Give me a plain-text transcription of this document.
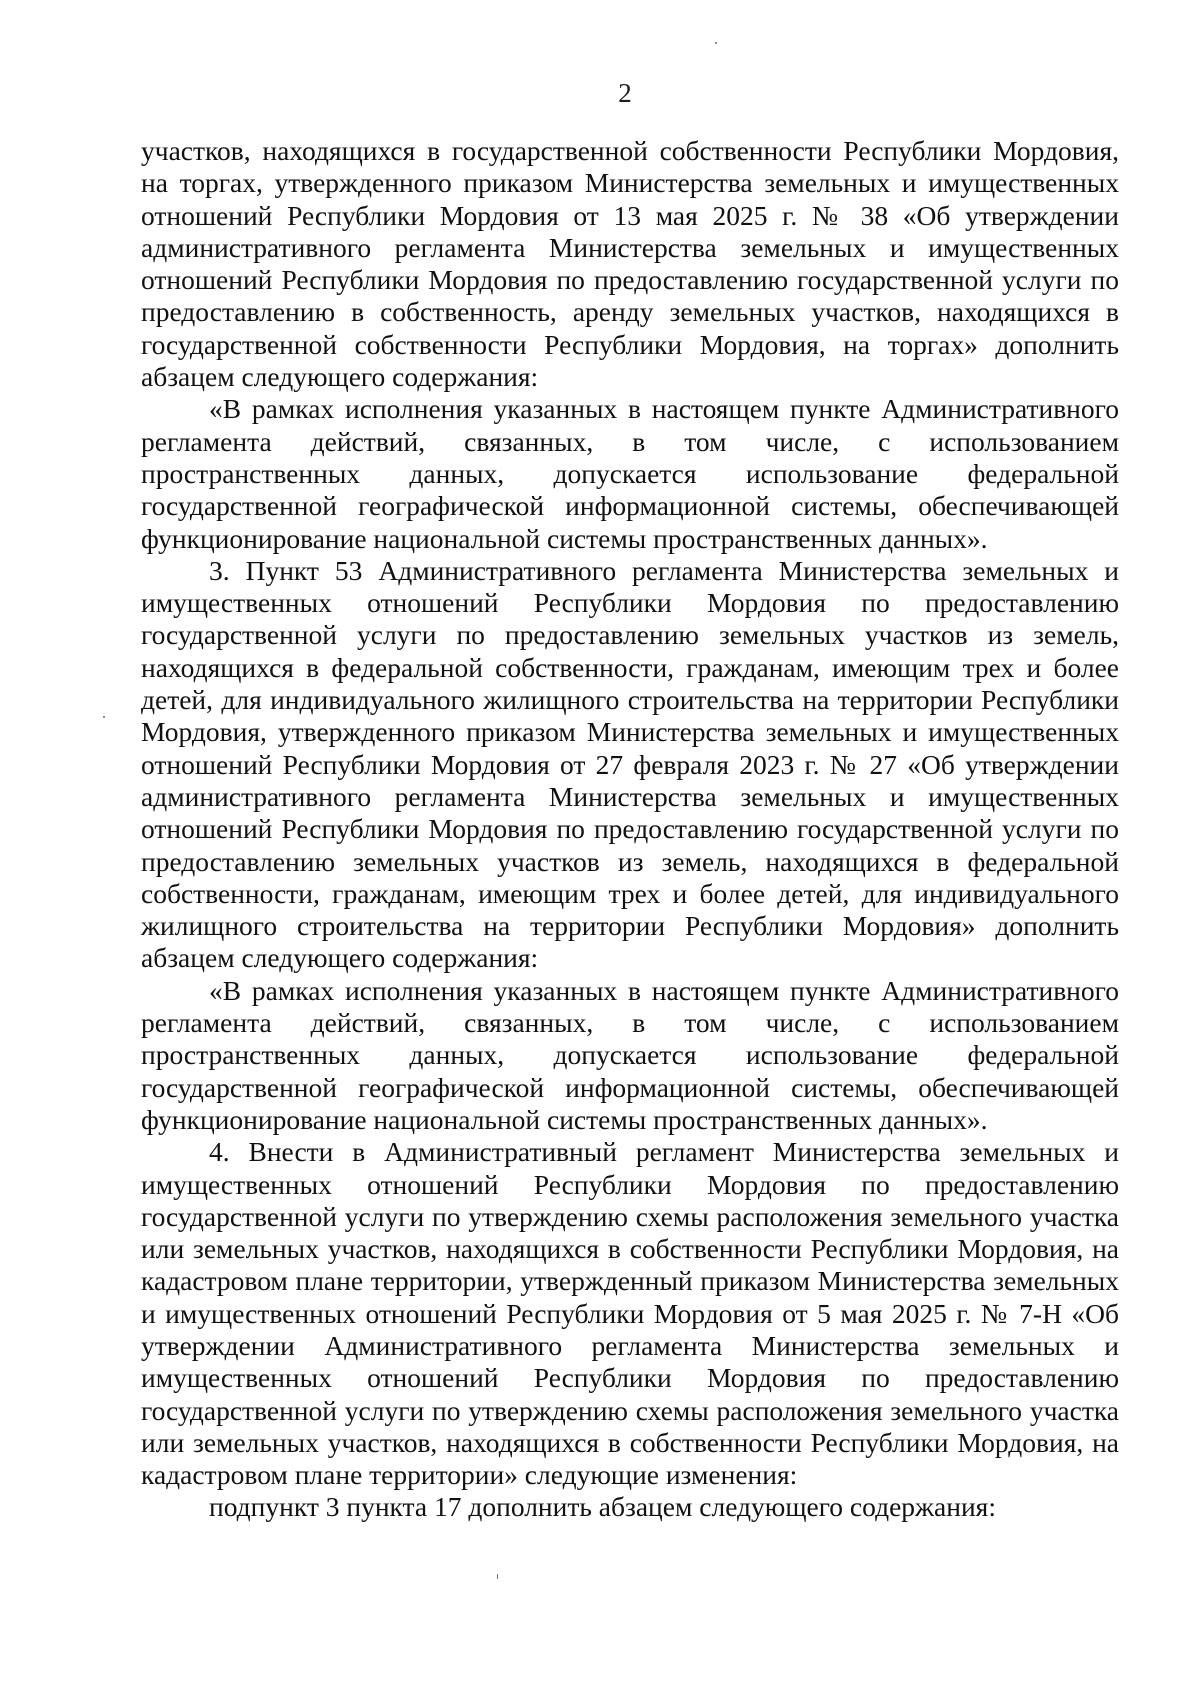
2

участков, находящихся в государственной собственности Республики Мордовия, на торгах, утвержденного приказом Министерства земельных и имущественных отношений Республики Мордовия от 13 мая 2025 г. № 38 «Об утверждении административного регламента Министерства земельных и имущественных отношений Республики Мордовия по предоставлению государственной услуги по предоставлению в собственность, аренду земельных участков, находящихся в государственной собственности Республики Мордовия, на торгах» дополнить абзацем следующего содержания:

«В рамках исполнения указанных в настоящем пункте Административного регламента действий, связанных, в том числе, с использованием пространственных данных, допускается использование федеральной государственной географической информационной системы, обеспечивающей функционирование национальной системы пространственных данных».

3. Пункт 53 Административного регламента Министерства земельных и имущественных отношений Республики Мордовия по предоставлению государственной услуги по предоставлению земельных участков из земель, находящихся в федеральной собственности, гражданам, имеющим трех и более детей, для индивидуального жилищного строительства на территории Республики Мордовия, утвержденного приказом Министерства земельных и имущественных отношений Республики Мордовия от 27 февраля 2023 г. № 27 «Об утверждении административного регламента Министерства земельных и имущественных отношений Республики Мордовия по предоставлению государственной услуги по предоставлению земельных участков из земель, находящихся в федеральной собственности, гражданам, имеющим трех и более детей, для индивидуального жилищного строительства на территории Республики Мордовия» дополнить абзацем следующего содержания:

«В рамках исполнения указанных в настоящем пункте Административного регламента действий, связанных, в том числе, с использованием пространственных данных, допускается использование федеральной государственной географической информационной системы, обеспечивающей функционирование национальной системы пространственных данных».

4. Внести в Административный регламент Министерства земельных и имущественных отношений Республики Мордовия по предоставлению государственной услуги по утверждению схемы расположения земельного участка или земельных участков, находящихся в собственности Республики Мордовия, на кадастровом плане территории, утвержденный приказом Министерства земельных и имущественных отношений Республики Мордовия от 5 мая 2025 г. № 7-Н «Об утверждении Административного регламента Министерства земельных и имущественных отношений Республики Мордовия по предоставлению государственной услуги по утверждению схемы расположения земельного участка или земельных участков, находящихся в собственности Республики Мордовия, на кадастровом плане территории» следующие изменения:

подпункт 3 пункта 17 дополнить абзацем следующего содержания:
